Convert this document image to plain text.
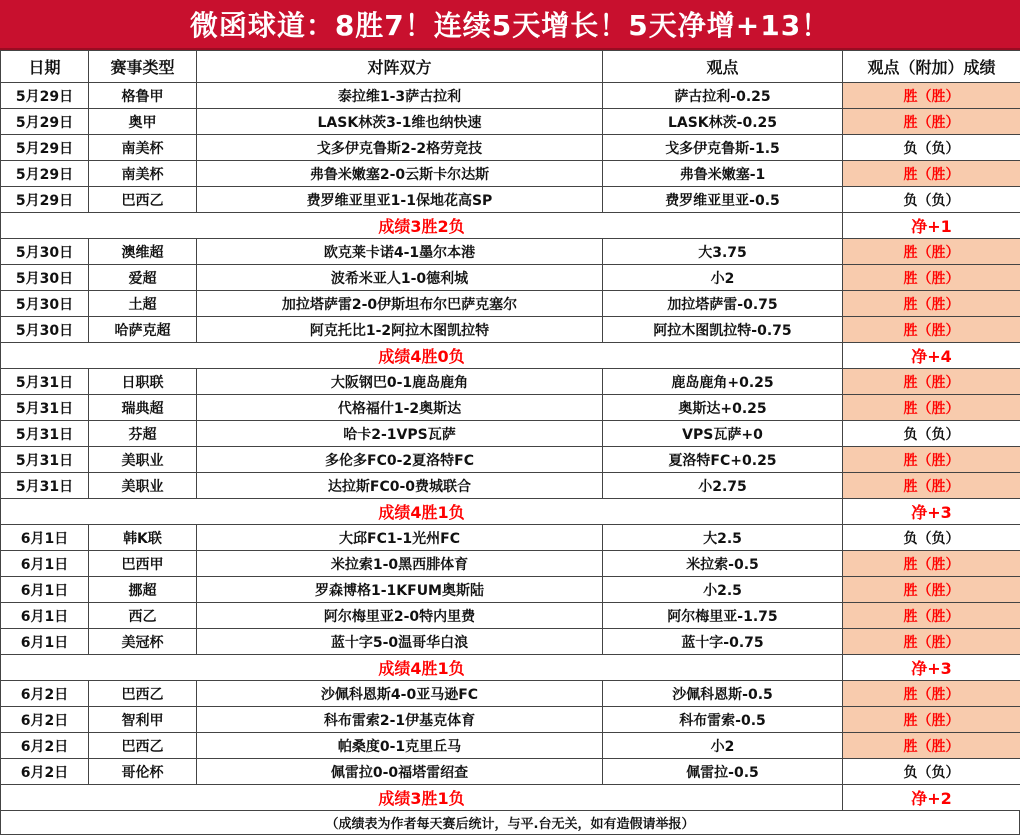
微函球道：8胜7！连续5天增长！5天净增+13！
日期	赛事类型	对阵双方	观点	观点（附加）成绩
5月29日	格鲁甲	泰拉维1-3萨古拉利	萨古拉利-0.25	胜（胜）
5月29日	奥甲	LASK林茨3-1维也纳快速	LASK林茨-0.25	胜（胜）
5月29日	南美杯	戈多伊克鲁斯2-2格劳竞技	戈多伊克鲁斯-1.5	负（负）
5月29日	南美杯	弗鲁米嫩塞2-0云斯卡尔达斯	弗鲁米嫩塞-1	胜（胜）
5月29日	巴西乙	费罗维亚里亚1-1保地花高SP	费罗维亚里亚-0.5	负（负）
成绩3胜2负				净+1
5月30日	澳维超	欧克莱卡诺4-1墨尔本港	大3.75	胜（胜）
5月30日	爱超	波希米亚人1-0德利城	小2	胜（胜）
5月30日	土超	加拉塔萨雷2-0伊斯坦布尔巴萨克塞尔	加拉塔萨雷-0.75	胜（胜）
5月30日	哈萨克超	阿克托比1-2阿拉木图凯拉特	阿拉木图凯拉特-0.75	胜（胜）
成绩4胜0负				净+4
5月31日	日职联	大阪钢巴0-1鹿岛鹿角	鹿岛鹿角+0.25	胜（胜）
5月31日	瑞典超	代格福什1-2奥斯达	奥斯达+0.25	胜（胜）
5月31日	芬超	哈卡2-1VPS瓦萨	VPS瓦萨+0	负（负）
5月31日	美职业	多伦多FC0-2夏洛特FC	夏洛特FC+0.25	胜（胜）
5月31日	美职业	达拉斯FC0-0费城联合	小2.75	胜（胜）
成绩4胜1负				净+3
6月1日	韩K联	大邱FC1-1光州FC	大2.5	负（负）
6月1日	巴西甲	米拉索1-0黑西腓体育	米拉索-0.5	胜（胜）
6月1日	挪超	罗森博格1-1KFUM奥斯陆	小2.5	胜（胜）
6月1日	西乙	阿尔梅里亚2-0特内里费	阿尔梅里亚-1.75	胜（胜）
6月1日	美冠杯	蓝十字5-0温哥华白浪	蓝十字-0.75	胜（胜）
成绩4胜1负				净+3
6月2日	巴西乙	沙佩科恩斯4-0亚马逊FC	沙佩科恩斯-0.5	胜（胜）
6月2日	智利甲	科布雷索2-1伊基克体育	科布雷索-0.5	胜（胜）
6月2日	巴西乙	帕桑度0-1克里丘马	小2	胜（胜）
6月2日	哥伦杯	佩雷拉0-0福塔雷绍查	佩雷拉-0.5	负（负）
成绩3胜1负				净+2
（成绩表为作者每天赛后统计，与平.台无关，如有造假请举报）
